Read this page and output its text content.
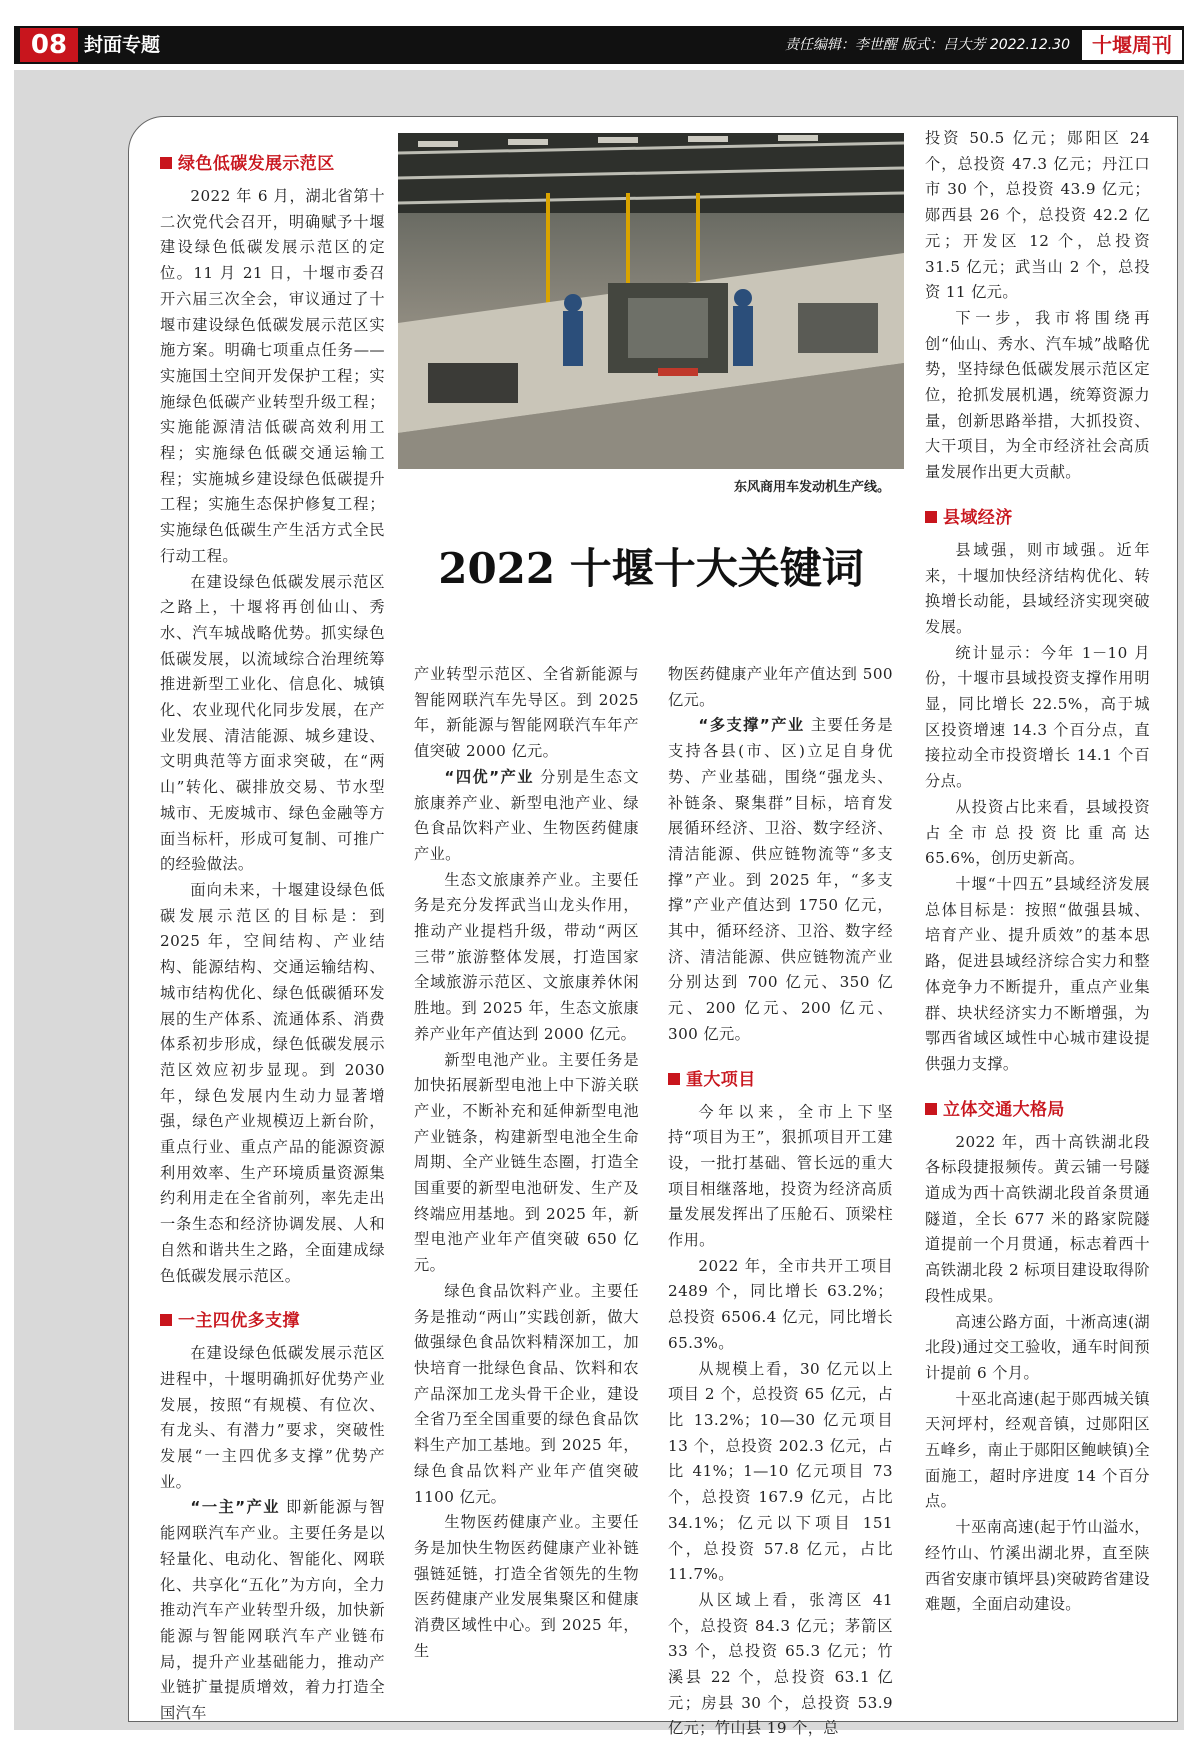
08 封面专题	责任编辑：李世醒 版式：吕大芳 2022.12.30	十堰周刊
东风商用车发动机生产线。
2022 十堰十大关键词
绿色低碳发展示范区

2022 年 6 月，湖北省第十二次党代会召开，明确赋予十堰建设绿色低碳发展示范区的定位。11 月 21 日，十堰市委召开六届三次全会，审议通过了十堰市建设绿色低碳发展示范区实施方案。明确七项重点任务——实施国土空间开发保护工程；实施绿色低碳产业转型升级工程；实施能源清洁低碳高效利用工程；实施绿色低碳交通运输工程；实施城乡建设绿色低碳提升工程；实施生态保护修复工程；实施绿色低碳生产生活方式全民行动工程。

在建设绿色低碳发展示范区之路上，十堰将再创仙山、秀水、汽车城战略优势。抓实绿色低碳发展，以流域综合治理统筹推进新型工业化、信息化、城镇化、农业现代化同步发展，在产业发展、清洁能源、城乡建设、文明典范等方面求突破，在“两山”转化、碳排放交易、节水型城市、无废城市、绿色金融等方面当标杆，形成可复制、可推广的经验做法。

面向未来，十堰建设绿色低碳发展示范区的目标是：到 2025 年，空间结构、产业结构、能源结构、交通运输结构、城市结构优化、绿色低碳循环发展的生产体系、流通体系、消费体系初步形成，绿色低碳发展示范区效应初步显现。到 2030 年，绿色发展内生动力显著增强，绿色产业规模迈上新台阶，重点行业、重点产品的能源资源利用效率、生产环境质量资源集约利用走在全省前列，率先走出一条生态和经济协调发展、人和自然和谐共生之路，全面建成绿色低碳发展示范区。

一主四优多支撑

在建设绿色低碳发展示范区进程中，十堰明确抓好优势产业发展，按照“有规模、有位次、有龙头、有潜力”要求，突破性发展“一主四优多支撑”优势产业。

“一主”产业 即新能源与智能网联汽车产业。主要任务是以轻量化、电动化、智能化、网联化、共享化“五化”为方向，全力推动汽车产业转型升级，加快新能源与智能网联汽车产业链布局，提升产业基础能力，推动产业链扩量提质增效，着力打造全国汽车

产业转型示范区、全省新能源与智能网联汽车先导区。到 2025 年，新能源与智能网联汽车年产值突破 2000 亿元。

“四优”产业 分别是生态文旅康养产业、新型电池产业、绿色食品饮料产业、生物医药健康产业。

生态文旅康养产业。主要任务是充分发挥武当山龙头作用，推动产业提档升级，带动“两区三带”旅游整体发展，打造国家全域旅游示范区、文旅康养休闲胜地。到 2025 年，生态文旅康养产业年产值达到 2000 亿元。

新型电池产业。主要任务是加快拓展新型电池上中下游关联产业，不断补充和延伸新型电池产业链条，构建新型电池全生命周期、全产业链生态圈，打造全国重要的新型电池研发、生产及终端应用基地。到 2025 年，新型电池产业年产值突破 650 亿元。

绿色食品饮料产业。主要任务是推动“两山”实践创新，做大做强绿色食品饮料精深加工，加快培育一批绿色食品、饮料和农产品深加工龙头骨干企业，建设全省乃至全国重要的绿色食品饮料生产加工基地。到 2025 年，绿色食品饮料产业年产值突破 1100 亿元。

生物医药健康产业。主要任务是加快生物医药健康产业补链强链延链，打造全省领先的生物医药健康产业发展集聚区和健康消费区域性中心。到 2025 年，生

物医药健康产业年产值达到 500 亿元。

“多支撑”产业 主要任务是支持各县(市、区)立足自身优势、产业基础，围绕“强龙头、补链条、聚集群”目标，培育发展循环经济、卫浴、数字经济、清洁能源、供应链物流等“多支撑”产业。到 2025 年，“多支撑”产业产值达到 1750 亿元，其中，循环经济、卫浴、数字经济、清洁能源、供应链物流产业分别达到 700 亿元、350 亿元、200 亿元、200 亿元、300 亿元。

重大项目

今年以来，全市上下坚持“项目为王”，狠抓项目开工建设，一批打基础、管长远的重大项目相继落地，投资为经济高质量发展发挥出了压舱石、顶梁柱作用。

2022 年，全市共开工项目 2489 个，同比增长 63.2%；总投资 6506.4 亿元，同比增长 65.3%。

从规模上看，30 亿元以上项目 2 个，总投资 65 亿元，占比 13.2%；10—30 亿元项目 13 个，总投资 202.3 亿元，占比 41%；1—10 亿元项目 73 个，总投资 167.9 亿元，占比 34.1%；亿元以下项目 151 个，总投资 57.8 亿元，占比 11.7%。

从区域上看，张湾区 41 个，总投资 84.3 亿元；茅箭区 33 个，总投资 65.3 亿元；竹溪县 22 个，总投资 63.1 亿元；房县 30 个，总投资 53.9 亿元；竹山县 19 个，总

投资 50.5 亿元；郧阳区 24 个，总投资 47.3 亿元；丹江口市 30 个，总投资 43.9 亿元；郧西县 26 个，总投资 42.2 亿元；开发区 12 个，总投资 31.5 亿元；武当山 2 个，总投资 11 亿元。

下一步，我市将围绕再创“仙山、秀水、汽车城”战略优势，坚持绿色低碳发展示范区定位，抢抓发展机遇，统筹资源力量，创新思路举措，大抓投资、大干项目，为全市经济社会高质量发展作出更大贡献。

县域经济

县域强，则市域强。近年来，十堰加快经济结构优化、转换增长动能，县域经济实现突破发展。

统计显示：今年 1－10 月份，十堰市县域投资支撑作用明显，同比增长 22.5%，高于城区投资增速 14.3 个百分点，直接拉动全市投资增长 14.1 个百分点。

从投资占比来看，县域投资占全市总投资比重高达 65.6%，创历史新高。

十堰“十四五”县域经济发展总体目标是：按照“做强县城、培育产业、提升质效”的基本思路，促进县域经济综合实力和整体竞争力不断提升，重点产业集群、块状经济实力不断增强，为鄂西省域区域性中心城市建设提供强力支撑。

立体交通大格局

2022 年，西十高铁湖北段各标段捷报频传。黄云铺一号隧道成为西十高铁湖北段首条贯通隧道，全长 677 米的路家院隧道提前一个月贯通，标志着西十高铁湖北段 2 标项目建设取得阶段性成果。

高速公路方面，十淅高速(湖北段)通过交工验收，通车时间预计提前 6 个月。

十巫北高速(起于郧西城关镇天河坪村，经观音镇，过郧阳区五峰乡，南止于郧阳区鲍峡镇)全面施工，超时序进度 14 个百分点。

十巫南高速(起于竹山溢水，经竹山、竹溪出湖北界，直至陕西省安康市镇坪县)突破跨省建设难题，全面启动建设。
